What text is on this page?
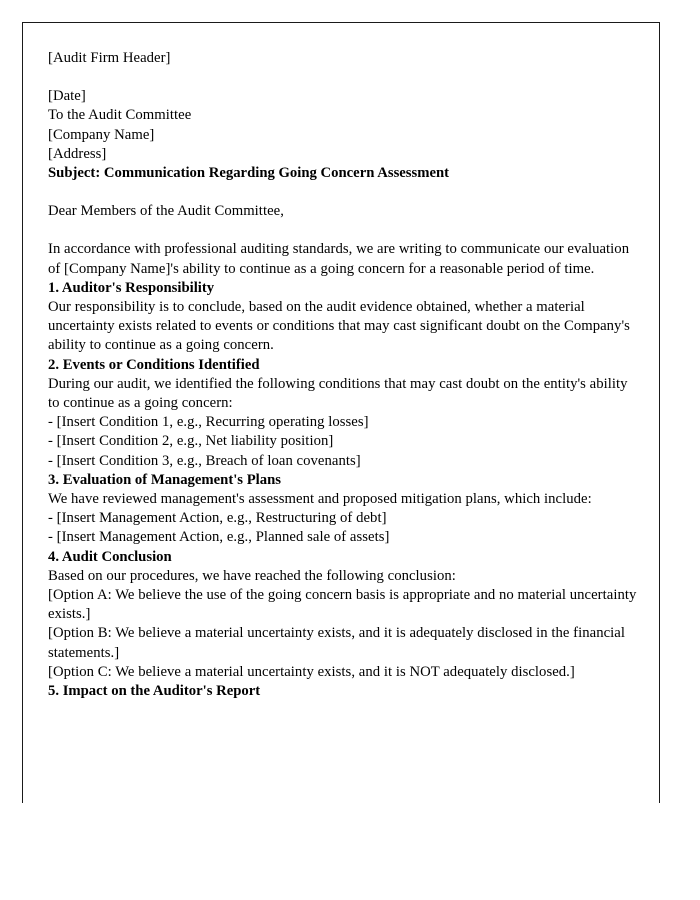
[Audit Firm Header]

[Date]

To the Audit Committee

[Company Name]

[Address]

Subject: Communication Regarding Going Concern Assessment

Dear Members of the Audit Committee,

In accordance with professional auditing standards, we are writing to communicate our evaluation of [Company Name]'s ability to continue as a going concern for a reasonable period of time.

1. Auditor's Responsibility

Our responsibility is to conclude, based on the audit evidence obtained, whether a material uncertainty exists related to events or conditions that may cast significant doubt on the Company's ability to continue as a going concern.

2. Events or Conditions Identified

During our audit, we identified the following conditions that may cast doubt on the entity's ability to continue as a going concern:

- [Insert Condition 1, e.g., Recurring operating losses]

- [Insert Condition 2, e.g., Net liability position]

- [Insert Condition 3, e.g., Breach of loan covenants]

3. Evaluation of Management's Plans

We have reviewed management's assessment and proposed mitigation plans, which include:

- [Insert Management Action, e.g., Restructuring of debt]

- [Insert Management Action, e.g., Planned sale of assets]

4. Audit Conclusion

Based on our procedures, we have reached the following conclusion:

[Option A: We believe the use of the going concern basis is appropriate and no material uncertainty exists.]

[Option B: We believe a material uncertainty exists, and it is adequately disclosed in the financial statements.]

[Option C: We believe a material uncertainty exists, and it is NOT adequately disclosed.]

5. Impact on the Auditor's Report
